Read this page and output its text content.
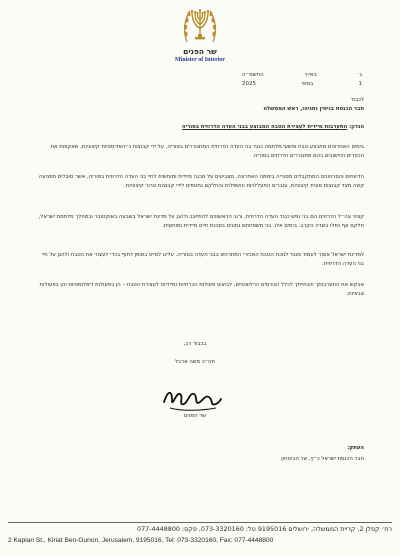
שר הפנים
Minister of Interior
ג׳
באייר
התשפ״ה
1
במאי
2025
לכבוד
חבר הכנסת בנימין נתניהו, ראש הממשלה
הנדון: התערבות מיידית לעצירת הטבח המבוצע בבני העדה הדרוזית בסוריה
בימים האחרונים מתבצע טבח ופשעי מלחמה כנגד בני העדה הדרוזית המתגוררים בסוריה, על ידי קבוצות ג׳יהאדיסטיות קיצוניות, שאקפות את הכפרים והיישובים בהם מתגוררים הדרוזים בסוריה.
הדיווחים והסרטונים המתקבלים מסוריה ביממה האחרונה, מצביעים על סכנה מיידית ומוחשית לחיי בני העדה הדרוזית בסוריה, אשר סובלים מפגיעה קשה מצד קבוצות סונית קיצוניות, עוברים התעללויות והשפלות והחלקם נחטפים לידי קבוצות טרור קיצוניות.
קציני צה״ל הדרוזים הם בני נפש כנגד העדה הדרוזית, ורוב הראשונים להתייצב ולהגן על מדינת ישראל בשבעה באוקטובר ובמהלך מלחמת ישראל, חלקם אף נפלו בשדה הקרב. בימים אלו, בני משפחתם נתונים בסכנת חיים מיידית ומוחשית.
למדינת ישראל אסור לעמוד מנגד לנוכח הטבח האכזרי המתרחש בבני העדה בסוריה. עלינו לסייע באופן דחוף בכדי לעצור את הטבח ולהגן על חיי בני העדה הדרוזית.
אבקש את התערבותך והנחייתך לכלל הגורמים הרלוונטיים, לביצוע פעולות הכרחיות ומיידיות לעצירת הטבח – הן בפעולות דיפלומטיות והן בפעולות צבאיות.
בכבוד רב,
חה״כ משה ארבל
שר הפנים
העתק:
חבר הכנסת ישראל כ״ץ, שר הביטחון
רח׳ קפלן 2, קריית הממשלה, ירושלים 9195016 טל: 073-3320160, פקס: 077-4448800
2 Kaplan St., Kiriat Ben-Gurion, Jerusalem, 9195016, Tel: 073-3320160, Fax: 077-4448800
